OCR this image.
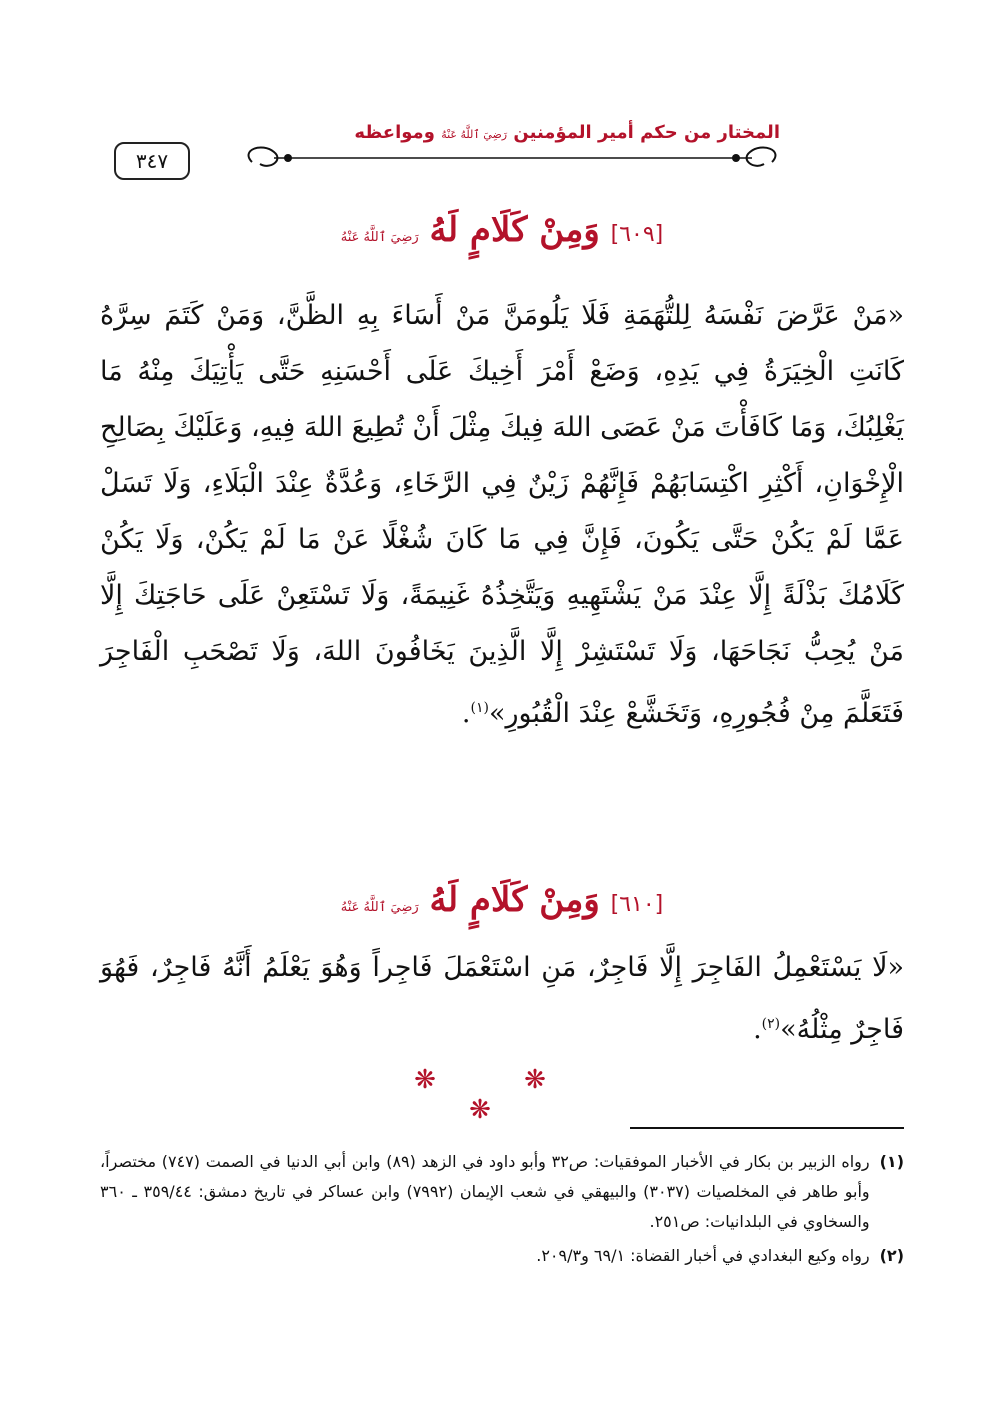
٣٤٧
المختار من حكم أمير المؤمنين رَضِيَ ٱللَّهُ عَنْهُ ومواعظه
[٦٠٩] وَمِنْ كَلَامٍ لَهُ رَضِيَ ٱللَّهُ عَنْهُ
«مَنْ عَرَّضَ نَفْسَهُ لِلتُّهَمَةِ فَلَا يَلُومَنَّ مَنْ أَسَاءَ بِهِ الظَّنَّ، وَمَنْ كَتَمَ سِرَّهُ كَانَتِ الْخِيَرَةُ فِي يَدِهِ، وَضَعْ أَمْرَ أَخِيكَ عَلَى أَحْسَنِهِ حَتَّى يَأْتِيَكَ مِنْهُ مَا يَغْلِبُكَ، وَمَا كَافَأْتَ مَنْ عَصَى اللهَ فِيكَ مِثْلَ أَنْ تُطِيعَ اللهَ فِيهِ، وَعَلَيْكَ بِصَالِحِ الْإِخْوَانِ، أَكْثِرِ اكْتِسَابَهُمْ فَإِنَّهُمْ زَيْنٌ فِي الرَّخَاءِ، وَعُدَّةٌ عِنْدَ الْبَلَاءِ، وَلَا تَسَلْ عَمَّا لَمْ يَكُنْ حَتَّى يَكُونَ، فَإِنَّ فِي مَا كَانَ شُغْلًا عَنْ مَا لَمْ يَكُنْ، وَلَا يَكُنْ كَلَامُكَ بَذْلَةً إِلَّا عِنْدَ مَنْ يَشْتَهِيهِ وَيَتَّخِذُهُ غَنِيمَةً، وَلَا تَسْتَعِنْ عَلَى حَاجَتِكَ إِلَّا مَنْ يُحِبُّ نَجَاحَهَا، وَلَا تَسْتَشِرْ إِلَّا الَّذِينَ يَخَافُونَ اللهَ، وَلَا تَصْحَبِ الْفَاجِرَ فَتَعَلَّمَ مِنْ فُجُورِهِ، وَتَخَشَّعْ عِنْدَ الْقُبُورِ»$^{(١)}$.
[٦١٠] وَمِنْ كَلَامٍ لَهُ رَضِيَ ٱللَّهُ عَنْهُ
«لَا يَسْتَعْمِلُ الفَاجِرَ إِلَّا فَاجِرٌ، مَنِ اسْتَعْمَلَ فَاجِراً وَهُوَ يَعْلَمُ أَنَّهُ فَاجِرٌ، فَهُوَ فَاجِرٌ مِثْلُهُ»$^{(٢)}$.
❋ ❋ ❋
(١)
رواه الزبير بن بكار في الأخبار الموفقيات: ص٣٢ وأبو داود في الزهد (٨٩) وابن أبي الدنيا في الصمت (٧٤٧) مختصراً، وأبو طاهر في المخلصيات (٣٠٣٧) والبيهقي في شعب الإيمان (٧٩٩٢) وابن عساكر في تاريخ دمشق: ٣٥٩/٤٤ ـ ٣٦٠ والسخاوي في البلدانيات: ص٢٥١.
(٢)
رواه وكيع البغدادي في أخبار القضاة: ٦٩/١ و٢٠٩/٣.
